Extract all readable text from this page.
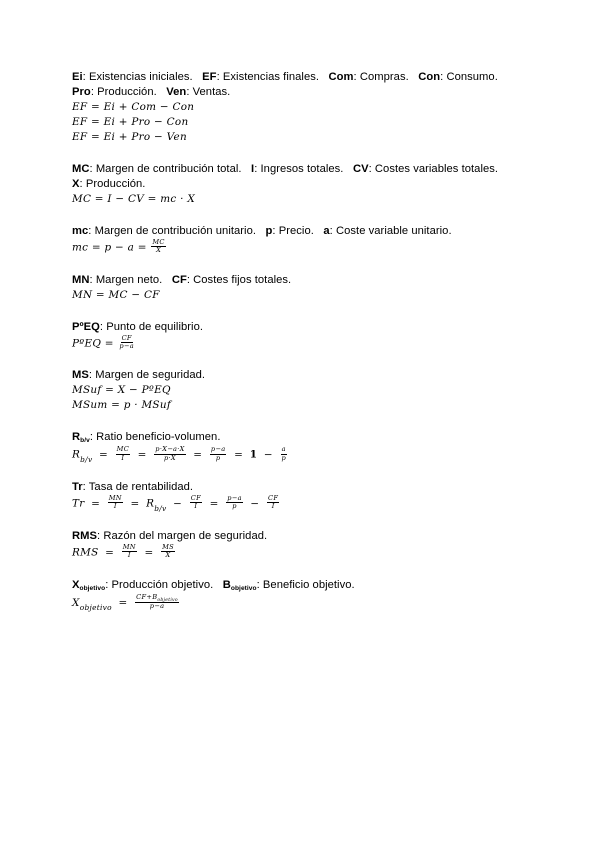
Ei: Existencias iniciales. EF: Existencias finales. Com: Compras. Con: Consumo.
Pro: Producción. Ven: Ventas.
EF = Ei + Com − Con
EF = Ei + Pro − Con
EF = Ei + Pro − Ven
MC: Margen de contribución total. I: Ingresos totales. CV: Costes variables totales.
X: Producción.
MC = I − CV = mc · X
mc: Margen de contribución unitario. p: Precio. a: Coste variable unitario.
mc = $p - a = \frac{MC}{X}$
MN: Margen neto. CF: Costes fijos totales.
MN = MC − CF
PºEQ: Punto de equilibrio.
PºEQ = $\frac{CF}{p-a}$
MS: Margen de seguridad.
MSuf = X − PºEQ
MSum = p · MSuf
Rb/v: Ratio beneficio-volumen.
$R_{b/v} = \frac{MC}{I} = \frac{p\cdot X-a\cdot X}{p\cdot X} = \frac{p-a}{p} = 1 - \frac{a}{p}$
Tr: Tasa de rentabilidad.
$Tr = \frac{MN}{I} = R_{b/v} - \frac{CF}{I} = \frac{p-a}{p} - \frac{CF}{I}$
RMS: Razón del margen de seguridad.
RMS = $\frac{MN}{I} = \frac{MS}{X}$
Xobjetivo: Producción objetivo. Bobjetivo: Beneficio objetivo.
$X_{objetivo} = \frac{CF+B_{objetivo}}{p-a}$
